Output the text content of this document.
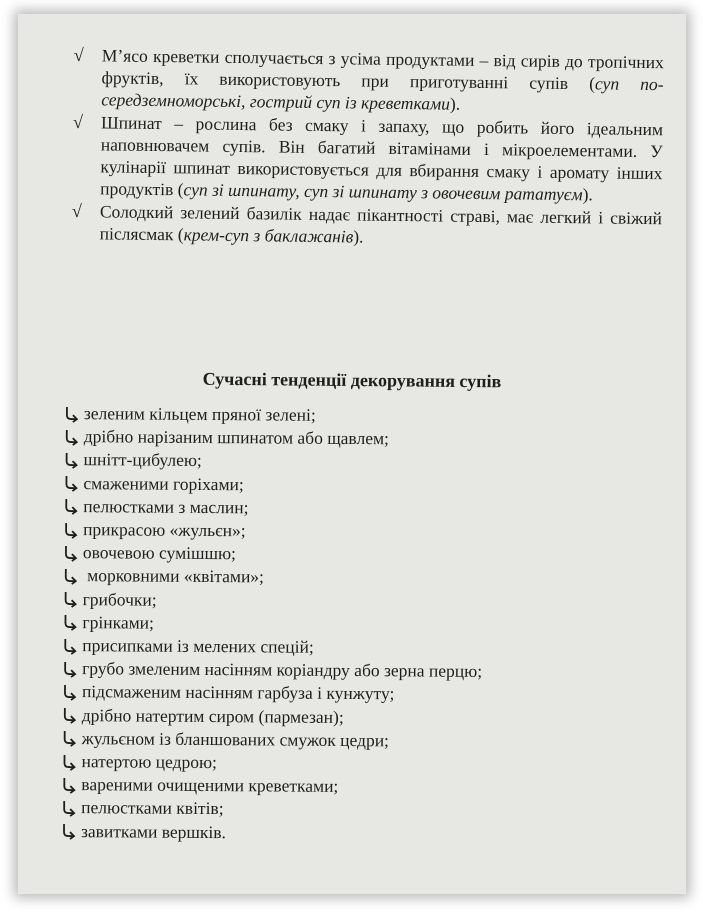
√ М’ясо креветки сполучається з усіма продуктами – від сирів до тропічних фруктів, їх використовують при приготуванні супів (суп по-середземноморські, гострий суп із креветками).
√ Шпинат – рослина без смаку і запаху, що робить його ідеальним наповнювачем супів. Він багатий вітамінами і мікроелементами. У кулінарії шпинат використовується для вбирання смаку і аромату інших продуктів (суп зі шпинату, суп зі шпинату з овочевим рататуєм).
√ Солодкий зелений базилік надає пікантності страві, має легкий і свіжий післясмак (крем-суп з баклажанів).
Сучасні тенденції декорування супів
зеленим кільцем пряної зелені;
дрібно нарізаним шпинатом або щавлем;
шнітт-цибулею;
смаженими горіхами;
пелюстками з маслин;
прикрасою «жульєн»;
овочевою сумішшю;
морковними «квітами»;
грибочки;
грінками;
присипками із мелених спецій;
грубо змеленим насінням коріандру або зерна перцю;
підсмаженим насінням гарбуза і кунжуту;
дрібно натертим сиром (пармезан);
жульєном із бланшованих смужок цедри;
натертою цедрою;
вареними очищеними креветками;
пелюстками квітів;
завитками вершків.
